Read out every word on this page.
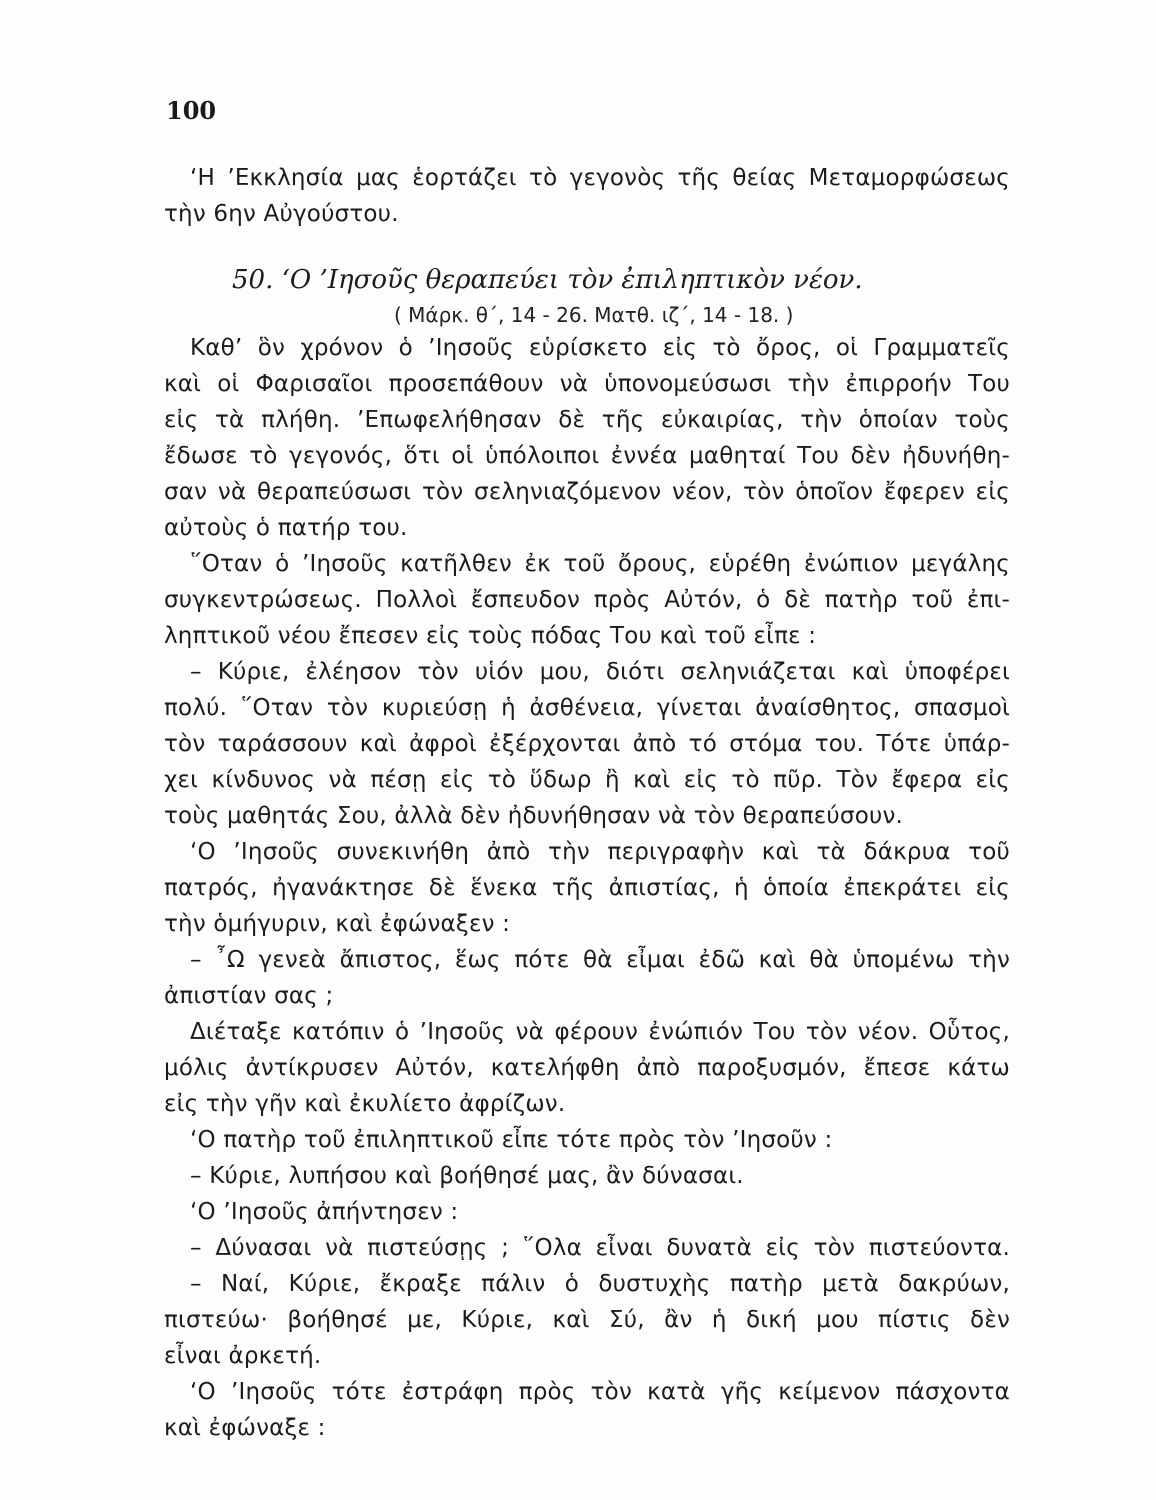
100
‘Η ’Εκκλησία μας ἑορτάζει τὸ γεγονὸς τῆς θείας Μεταμορφώσεως
τὴν 6ην Αὐγούστου.
50. ‘Ο ’Ιησοῦς θεραπεύει τὸν ἐπιληπτικὸν νέον.
( Μάρκ. θ΄, 14 - 26. Ματθ. ιζ΄, 14 - 18. )
Καθ’ ὃν χρόνον ὁ ’Ιησοῦς εὑρίσκετο εἰς τὸ ὄρος, οἱ Γραμματεῖς
καὶ οἱ Φαρισαῖοι προσεπάθουν νὰ ὑπονομεύσωσι τὴν ἐπιρροήν Του
εἰς τὰ πλήθη. ’Επωφελήθησαν δὲ τῆς εὐκαιρίας, τὴν ὁποίαν τοὺς
ἔδωσε τὸ γεγονός, ὅτι οἱ ὑπόλοιποι ἐννέα μαθηταί Του δὲν ἠδυνήθη-
σαν νὰ θεραπεύσωσι τὸν σεληνιαζόμενον νέον, τὸν ὁποῖον ἔφερεν εἰς
αὐτοὺς ὁ πατήρ του.
῞Οταν ὁ ’Ιησοῦς κατῆλθεν ἐκ τοῦ ὄρους, εὑρέθη ἐνώπιον μεγάλης
συγκεντρώσεως. Πολλοὶ ἔσπευδον πρὸς Αὐτόν, ὁ δὲ πατὴρ τοῦ ἐπι-
ληπτικοῦ νέου ἔπεσεν εἰς τοὺς πόδας Του καὶ τοῦ εἶπε :
– Κύριε, ἐλέησον τὸν υἱόν μου, διότι σεληνιάζεται καὶ ὑποφέρει
πολύ. ῞Οταν τὸν κυριεύσῃ ἡ ἀσθένεια, γίνεται ἀναίσθητος, σπασμοὶ
τὸν ταράσσουν καὶ ἀφροὶ ἐξέρχονται ἀπὸ τό στόμα του. Τότε ὑπάρ-
χει κίνδυνος νὰ πέσῃ εἰς τὸ ὕδωρ ἢ καὶ εἰς τὸ πῦρ. Τὸν ἔφερα εἰς
τοὺς μαθητάς Σου, ἀλλὰ δὲν ἠδυνήθησαν νὰ τὸν θεραπεύσουν.
‘Ο ’Ιησοῦς συνεκινήθη ἀπὸ τὴν περιγραφὴν καὶ τὰ δάκρυα τοῦ
πατρός, ἠγανάκτησε δὲ ἕνεκα τῆς ἀπιστίας, ἡ ὁποία ἐπεκράτει εἰς
τὴν ὁμήγυριν, καὶ ἐφώναξεν :
– ῏Ω γενεὰ ἄπιστος, ἕως πότε θὰ εἶμαι ἐδῶ καὶ θὰ ὑπομένω τὴν
ἀπιστίαν σας ;
Διέταξε κατόπιν ὁ ’Ιησοῦς νὰ φέρουν ἐνώπιόν Του τὸν νέον. Οὗτος,
μόλις ἀντίκρυσεν Αὐτόν, κατελήφθη ἀπὸ παροξυσμόν, ἔπεσε κάτω
εἰς τὴν γῆν καὶ ἐκυλίετο ἀφρίζων.
‘Ο πατὴρ τοῦ ἐπιληπτικοῦ εἶπε τότε πρὸς τὸν ’Ιησοῦν :
– Κύριε, λυπήσου καὶ βοήθησέ μας, ἂν δύνασαι.
‘Ο ’Ιησοῦς ἀπήντησεν :
– Δύνασαι νὰ πιστεύσῃς ; ῞Ολα εἶναι δυνατὰ εἰς τὸν πιστεύοντα.
– Ναί, Κύριε, ἔκραξε πάλιν ὁ δυστυχὴς πατὴρ μετὰ δακρύων,
πιστεύω· βοήθησέ με, Κύριε, καὶ Σύ, ἂν ἡ δική μου πίστις δὲν
εἶναι ἀρκετή.
‘Ο ’Ιησοῦς τότε ἐστράφη πρὸς τὸν κατὰ γῆς κείμενον πάσχοντα
καὶ ἐφώναξε :
